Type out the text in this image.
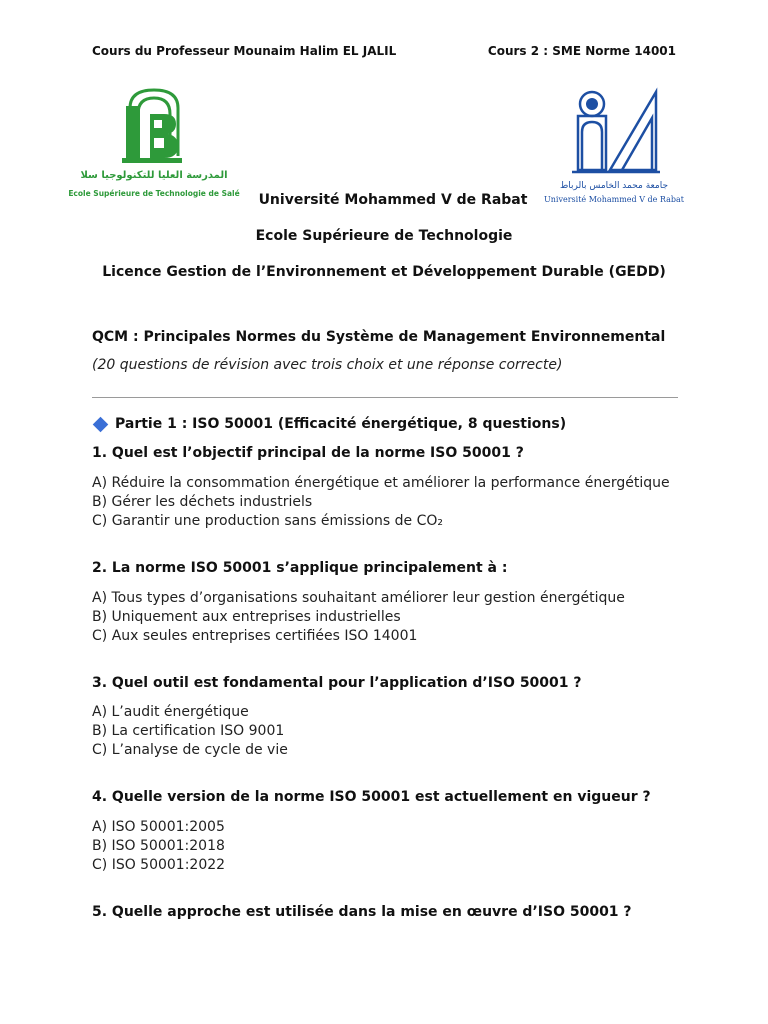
Cours du Professeur Mounaim Halim EL JALIL	Cours 2 : SME Norme 14001
المدرسة العليا للتكنولوجيا سلا
Ecole Supérieure de Technologie de Salé
جامعة محمد الخامس بالرباط
Université Mohammed V de Rabat
Université Mohammed V de Rabat
Ecole Supérieure de Technologie
Licence Gestion de l’Environnement et Développement Durable (GEDD)
QCM : Principales Normes du Système de Management Environnemental
(20 questions de révision avec trois choix et une réponse correcte)
Partie 1 : ISO 50001 (Efficacité énergétique, 8 questions)
1. Quel est l’objectif principal de la norme ISO 50001 ?
A) Réduire la consommation énergétique et améliorer la performance énergétique
B) Gérer les déchets industriels
C) Garantir une production sans émissions de CO₂
2. La norme ISO 50001 s’applique principalement à :
A) Tous types d’organisations souhaitant améliorer leur gestion énergétique
B) Uniquement aux entreprises industrielles
C) Aux seules entreprises certifiées ISO 14001
3. Quel outil est fondamental pour l’application d’ISO 50001 ?
A) L’audit énergétique
B) La certification ISO 9001
C) L’analyse de cycle de vie
4. Quelle version de la norme ISO 50001 est actuellement en vigueur ?
A) ISO 50001:2005
B) ISO 50001:2018
C) ISO 50001:2022
5. Quelle approche est utilisée dans la mise en œuvre d’ISO 50001 ?
